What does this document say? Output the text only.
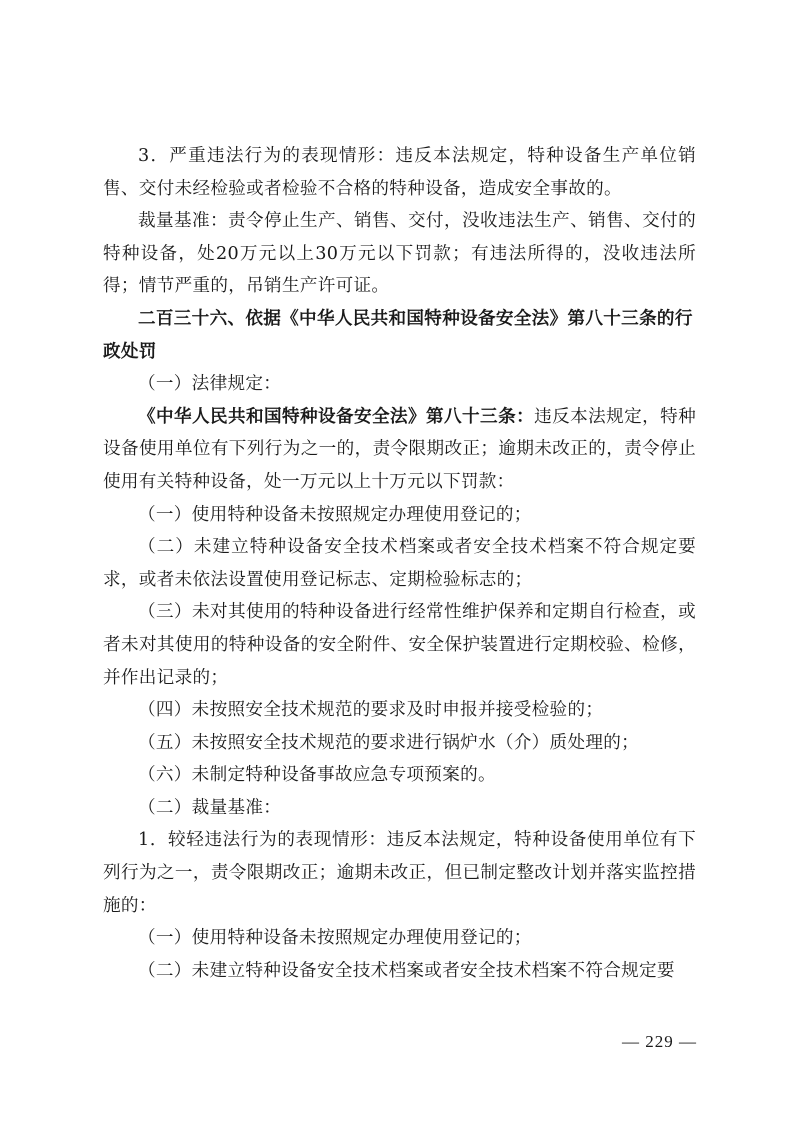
3．严重违法行为的表现情形：违反本法规定，特种设备生产单位销售、交付未经检验或者检验不合格的特种设备，造成安全事故的。

裁量基准：责令停止生产、销售、交付，没收违法生产、销售、交付的特种设备，处20万元以上30万元以下罚款；有违法所得的，没收违法所得；情节严重的，吊销生产许可证。

二百三十六、依据《中华人民共和国特种设备安全法》第八十三条的行政处罚

（一）法律规定：

《中华人民共和国特种设备安全法》第八十三条：违反本法规定，特种设备使用单位有下列行为之一的，责令限期改正；逾期未改正的，责令停止使用有关特种设备，处一万元以上十万元以下罚款：

（一）使用特种设备未按照规定办理使用登记的；

（二）未建立特种设备安全技术档案或者安全技术档案不符合规定要求，或者未依法设置使用登记标志、定期检验标志的；

（三）未对其使用的特种设备进行经常性维护保养和定期自行检查，或者未对其使用的特种设备的安全附件、安全保护装置进行定期校验、检修，并作出记录的；

（四）未按照安全技术规范的要求及时申报并接受检验的；

（五）未按照安全技术规范的要求进行锅炉水（介）质处理的；

（六）未制定特种设备事故应急专项预案的。

（二）裁量基准：

1．较轻违法行为的表现情形：违反本法规定，特种设备使用单位有下列行为之一，责令限期改正；逾期未改正，但已制定整改计划并落实监控措施的：

（一）使用特种设备未按照规定办理使用登记的；

（二）未建立特种设备安全技术档案或者安全技术档案不符合规定要

— 229 —
